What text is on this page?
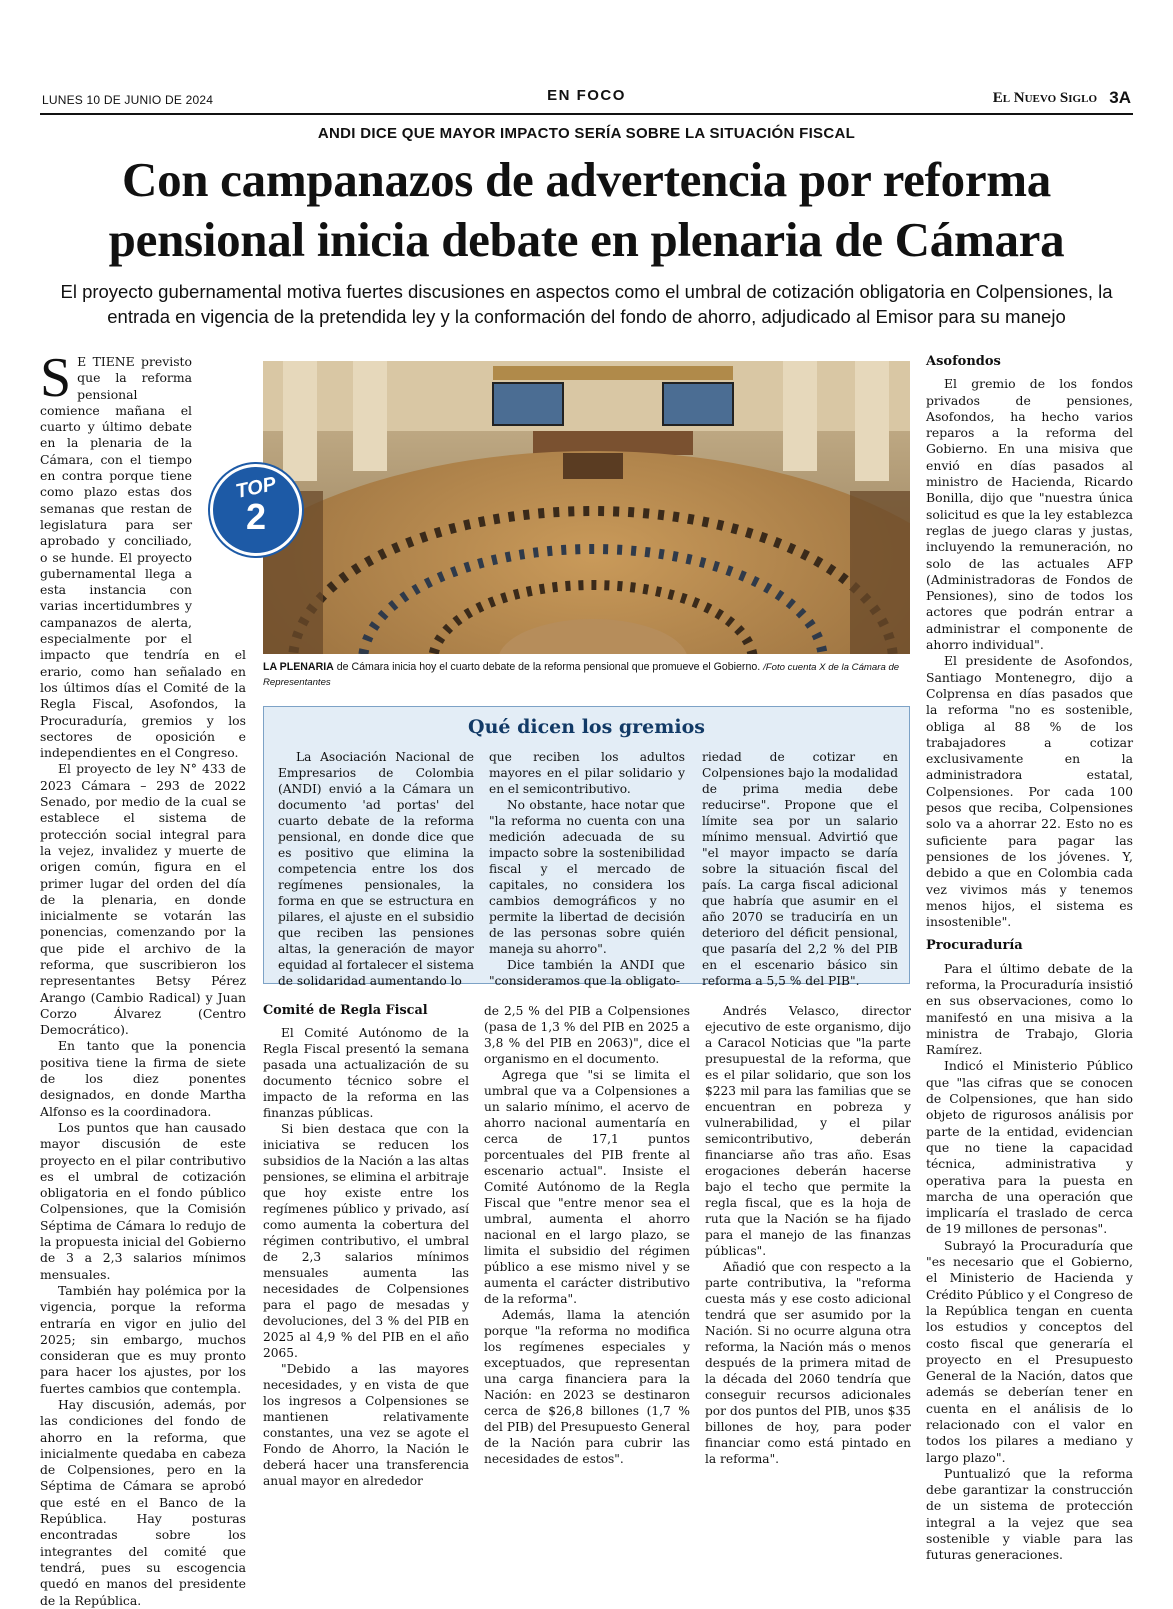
LUNES 10 DE JUNIO DE 2024	EN FOCO	El Nuevo Siglo 3A
ANDI DICE QUE MAYOR IMPACTO SERÍA SOBRE LA SITUACIÓN FISCAL
Con campanazos de advertencia por reforma pensional inicia debate en plenaria de Cámara

El proyecto gubernamental motiva fuertes discusiones en aspectos como el umbral de cotización obligatoria en Colpensiones, la entrada en vigencia de la pretendida ley y la conformación del fondo de ahorro, adjudicado al Emisor para su manejo

S E TIENE previsto que la reforma pensional comience mañana el cuarto y último debate en la plenaria de la Cámara, con el tiempo en contra porque tiene como plazo estas dos semanas que restan de legislatura para ser aprobado y conciliado, o se hunde. El proyecto gubernamental llega a esta instancia con varias incertidumbres y campanazos de alerta, especialmente por el impacto que tendría en el erario, como han señalado en los últimos días el Comité de la Regla Fiscal, Asofondos, la Procuraduría, gremios y los sectores de oposición e independientes en el Congreso.

El proyecto de ley N° 433 de 2023 Cámara – 293 de 2022 Senado, por medio de la cual se establece el sistema de protección social integral para la vejez, invalidez y muerte de origen común, figura en el primer lugar del orden del día de la plenaria, en donde inicialmente se votarán las ponencias, comenzando por la que pide el archivo de la reforma, que suscribieron los representantes Betsy Pérez Arango (Cambio Radical) y Juan Corzo Álvarez (Centro Democrático).

En tanto que la ponencia positiva tiene la firma de siete de los diez ponentes designados, en donde Martha Alfonso es la coordinadora.

Los puntos que han causado mayor discusión de este proyecto en el pilar contributivo es el umbral de cotización obligatoria en el fondo público Colpensiones, que la Comisión Séptima de Cámara lo redujo de la propuesta inicial del Gobierno de 3 a 2,3 salarios mínimos mensuales.

También hay polémica por la vigencia, porque la reforma entraría en vigor en julio del 2025; sin embargo, muchos consideran que es muy pronto para hacer los ajustes, por los fuertes cambios que contempla.

Hay discusión, además, por las condiciones del fondo de ahorro en la reforma, que inicialmente quedaba en cabeza de Colpensiones, pero en la Séptima de Cámara se aprobó que esté en el Banco de la República. Hay posturas encontradas sobre los integrantes del comité que tendrá, pues su escogencia quedó en manos del presidente de la República.

LA PLENARIA de Cámara inicia hoy el cuarto debate de la reforma pensional que promueve el Gobierno. /Foto cuenta X de la Cámara de Representantes
TOP
2
Qué dicen los gremios

La Asociación Nacional de Empresarios de Colombia (ANDI) envió a la Cámara un documento 'ad portas' del cuarto debate de la reforma pensional, en donde dice que es positivo que elimina la competencia entre los dos regímenes pensionales, la forma en que se estructura en pilares, el ajuste en el subsidio que reciben las pensiones altas, la generación de mayor equidad al fortalecer el sistema de solidaridad aumentando lo

que reciben los adultos mayores en el pilar solidario y en el semicontributivo.

No obstante, hace notar que "la reforma no cuenta con una medición adecuada de su impacto sobre la sostenibilidad fiscal y el mercado de capitales, no considera los cambios demográficos y no permite la libertad de decisión de las personas sobre quién maneja su ahorro".

Dice también la ANDI que "consideramos que la obligato-

riedad de cotizar en Colpensiones bajo la modalidad de prima media debe reducirse". Propone que el límite sea por un salario mínimo mensual. Advirtió que "el mayor impacto se daría sobre la situación fiscal del país. La carga fiscal adicional que habría que asumir en el año 2070 se traduciría en un deterioro del déficit pensional, que pasaría del 2,2 % del PIB en el escenario básico sin reforma a 5,5 % del PIB".

Comité de Regla Fiscal

El Comité Autónomo de la Regla Fiscal presentó la semana pasada una actualización de su documento técnico sobre el impacto de la reforma en las finanzas públicas.

Si bien destaca que con la iniciativa se reducen los subsidios de la Nación a las altas pensiones, se elimina el arbitraje que hoy existe entre los regímenes público y privado, así como aumenta la cobertura del régimen contributivo, el umbral de 2,3 salarios mínimos mensuales aumenta las necesidades de Colpensiones para el pago de mesadas y devoluciones, del 3 % del PIB en 2025 al 4,9 % del PIB en el año 2065.

"Debido a las mayores necesidades, y en vista de que los ingresos a Colpensiones se mantienen relativamente constantes, una vez se agote el Fondo de Ahorro, la Nación le deberá hacer una transferencia anual mayor en alrededor

de 2,5 % del PIB a Colpensiones (pasa de 1,3 % del PIB en 2025 a 3,8 % del PIB en 2063)", dice el organismo en el documento.

Agrega que "si se limita el umbral que va a Colpensiones a un salario mínimo, el acervo de ahorro nacional aumentaría en cerca de 17,1 puntos porcentuales del PIB frente al escenario actual". Insiste el Comité Autónomo de la Regla Fiscal que "entre menor sea el umbral, aumenta el ahorro nacional en el largo plazo, se limita el subsidio del régimen público a ese mismo nivel y se aumenta el carácter distributivo de la reforma".

Además, llama la atención porque "la reforma no modifica los regímenes especiales y exceptuados, que representan una carga financiera para la Nación: en 2023 se destinaron cerca de $26,8 billones (1,7 % del PIB) del Presupuesto General de la Nación para cubrir las necesidades de estos".

Andrés Velasco, director ejecutivo de este organismo, dijo a Caracol Noticias que "la parte presupuestal de la reforma, que es el pilar solidario, que son los $223 mil para las familias que se encuentran en pobreza y vulnerabilidad, y el pilar semicontributivo, deberán financiarse año tras año. Esas erogaciones deberán hacerse bajo el techo que permite la regla fiscal, que es la hoja de ruta que la Nación se ha fijado para el manejo de las finanzas públicas".

Añadió que con respecto a la parte contributiva, la "reforma cuesta más y ese costo adicional tendrá que ser asumido por la Nación. Si no ocurre alguna otra reforma, la Nación más o menos después de la primera mitad de la década del 2060 tendría que conseguir recursos adicionales por dos puntos del PIB, unos $35 billones de hoy, para poder financiar como está pintado en la reforma".

Asofondos

El gremio de los fondos privados de pensiones, Asofondos, ha hecho varios reparos a la reforma del Gobierno. En una misiva que envió en días pasados al ministro de Hacienda, Ricardo Bonilla, dijo que "nuestra única solicitud es que la ley establezca reglas de juego claras y justas, incluyendo la remuneración, no solo de las actuales AFP (Administradoras de Fondos de Pensiones), sino de todos los actores que podrán entrar a administrar el componente de ahorro individual".

El presidente de Asofondos, Santiago Montenegro, dijo a Colprensa en días pasados que la reforma "no es sostenible, obliga al 88 % de los trabajadores a cotizar exclusivamente en la administradora estatal, Colpensiones. Por cada 100 pesos que reciba, Colpensiones solo va a ahorrar 22. Esto no es suficiente para pagar las pensiones de los jóvenes. Y, debido a que en Colombia cada vez vivimos más y tenemos menos hijos, el sistema es insostenible".

Procuraduría

Para el último debate de la reforma, la Procuraduría insistió en sus observaciones, como lo manifestó en una misiva a la ministra de Trabajo, Gloria Ramírez.

Indicó el Ministerio Público que "las cifras que se conocen de Colpensiones, que han sido objeto de rigurosos análisis por parte de la entidad, evidencian que no tiene la capacidad técnica, administrativa y operativa para la puesta en marcha de una operación que implicaría el traslado de cerca de 19 millones de personas".

Subrayó la Procuraduría que "es necesario que el Gobierno, el Ministerio de Hacienda y Crédito Público y el Congreso de la República tengan en cuenta los estudios y conceptos del costo fiscal que generaría el proyecto en el Presupuesto General de la Nación, datos que además se deberían tener en cuenta en el análisis de lo relacionado con el valor en todos los pilares a mediano y largo plazo".

Puntualizó que la reforma debe garantizar la construcción de un sistema de protección integral a la vejez que sea sostenible y viable para las futuras generaciones.
